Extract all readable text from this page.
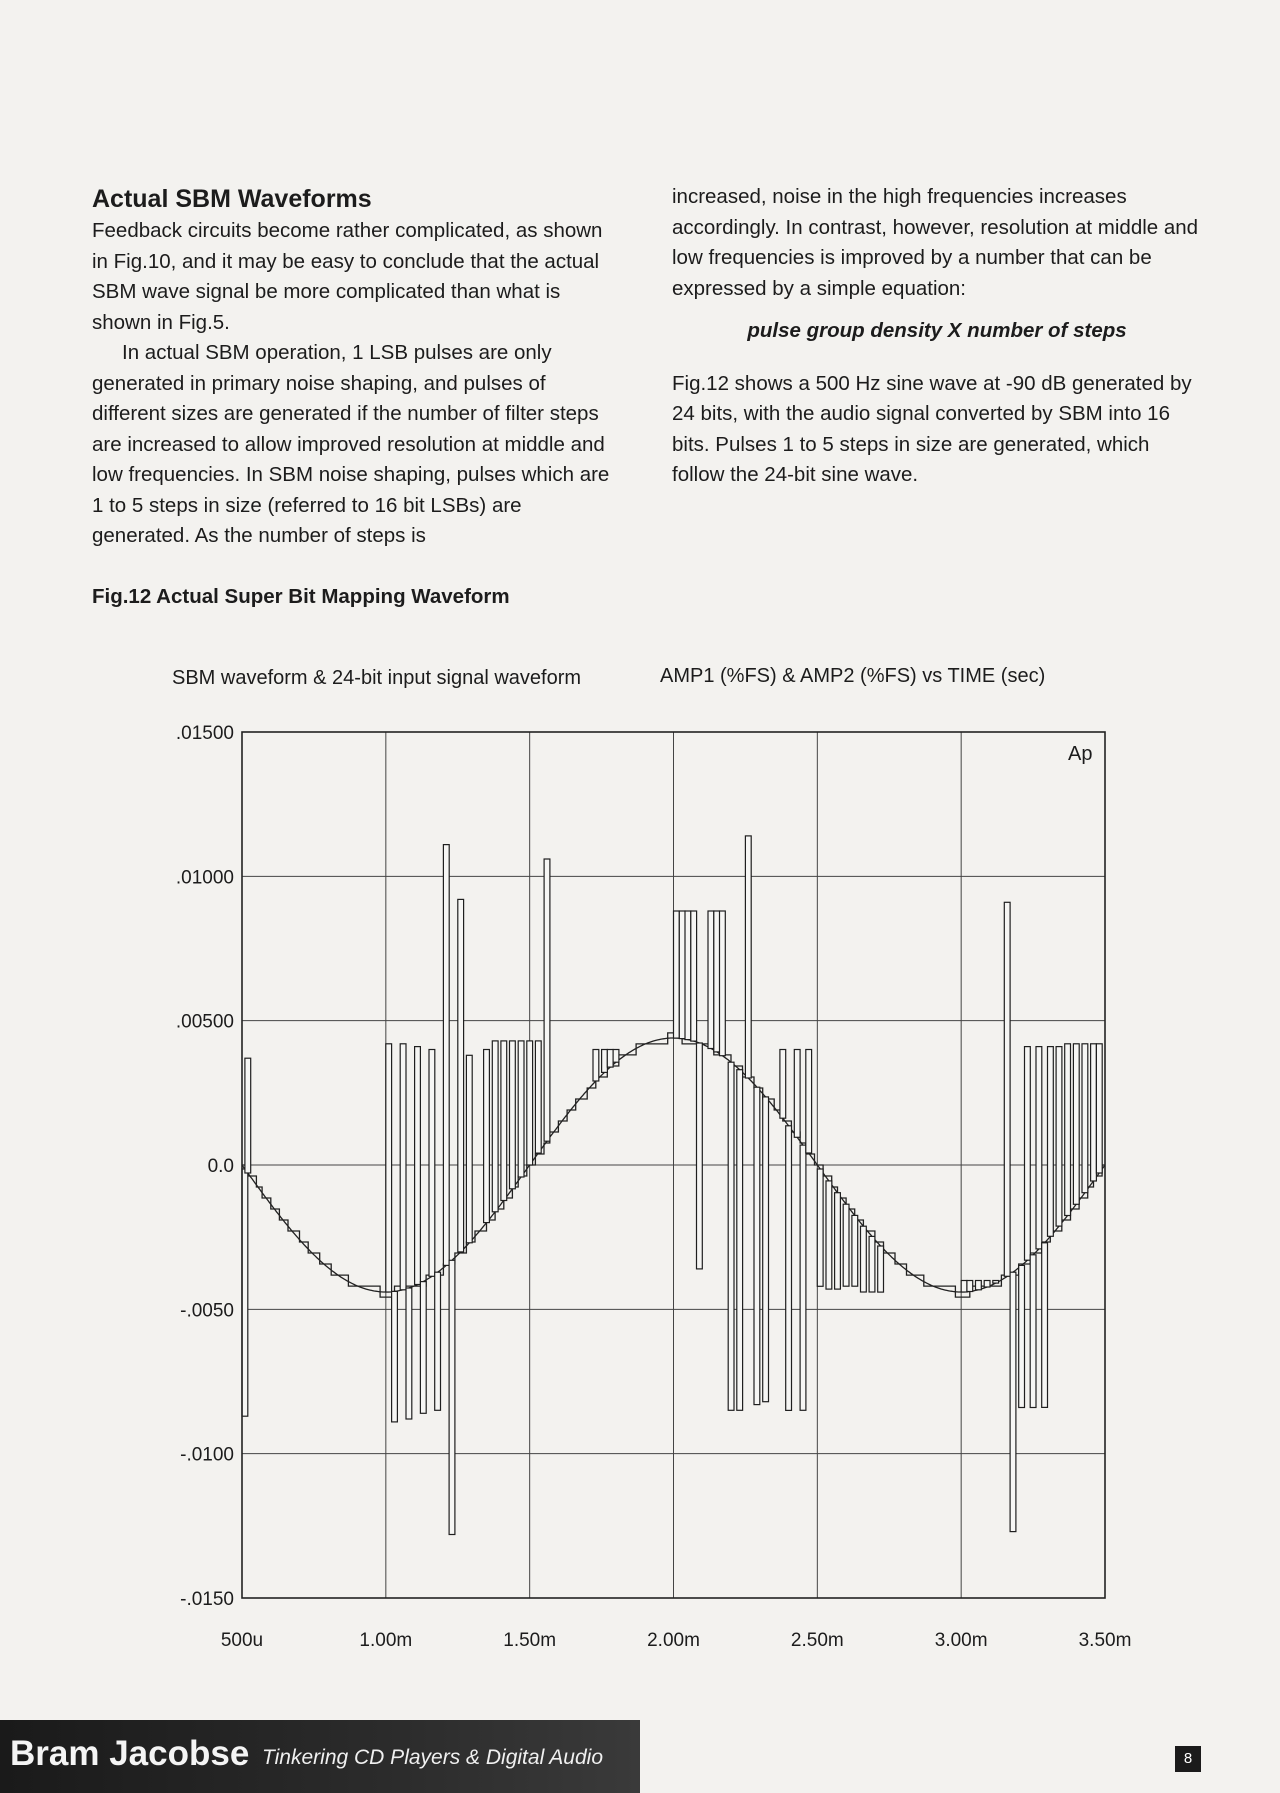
Actual SBM Waveforms

Feedback circuits become rather complicated, as shown in Fig.10, and it may be easy to conclude that the actual SBM wave signal be more complicated than what is shown in Fig.5.

In actual SBM operation, 1 LSB pulses are only generated in primary noise shaping, and pulses of different sizes are generated if the number of filter steps are increased to allow improved resolution at middle and low frequencies. In SBM noise shaping, pulses which are 1 to 5 steps in size (referred to 16 bit LSBs) are generated. As the number of steps is

increased, noise in the high frequencies increases accordingly. In contrast, however, resolution at middle and low frequencies is improved by a number that can be expressed by a simple equation:

pulse group density X number of steps

Fig.12 shows a 500 Hz sine wave at -90 dB generated by 24 bits, with the audio signal converted by SBM into 16 bits. Pulses 1 to 5 steps in size are generated, which follow the 24-bit sine wave.

Fig.12 Actual Super Bit Mapping Waveform
SBM waveform & 24-bit input signal waveform	AMP1 (%FS) & AMP2 (%FS) vs TIME (sec)
Ap
.01500
.01000
.00500
0.0
-.0050
-.0100
-.0150
500u	1.00m	1.50m	2.00m	2.50m	3.00m	3.50m
Bram Jacobse Tinkering CD Players & Digital Audio	8
